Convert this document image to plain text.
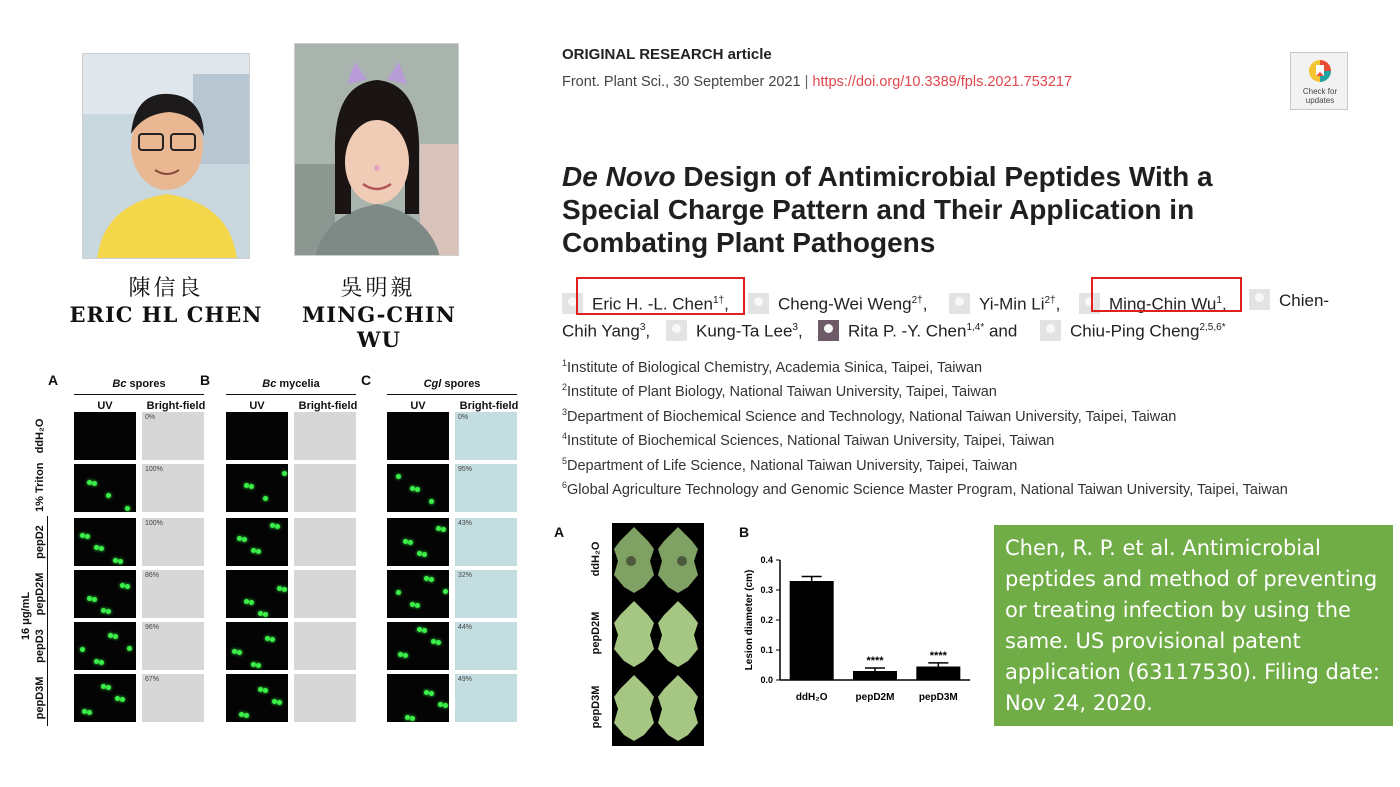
陳信良	吳明親
ERIC HL CHEN	MING-CHIN WU
ORIGINAL RESEARCH article
Front. Plant Sci., 30 September 2021 | https://doi.org/10.3389/fpls.2021.753217
Check for updates
De Novo Design of Antimicrobial Peptides With a Special Charge Pattern and Their Application in Combating Plant Pathogens
Eric H. -L. Chen$^{1\dagger}$,	Cheng-Wei Weng$^{2\dagger}$,	Yi-Min $Li^{2\dagger}$,	Ming-Chin Wu$^1$,	Chien-
Chih Yang$^3$,	Kung-Ta Lee$^3$,	Rita P. -Y. Chen$^{1,4*}$ and	Chiu-Ping Cheng$^{2,5,6*}$
$^1$Institute of Biological Chemistry, Academia Sinica, Taipei, Taiwan
$^2$Institute of Plant Biology, National Taiwan University, Taipei, Taiwan
$^3$Department of Biochemical Science and Technology, National Taiwan University, Taipei, Taiwan
$^4$Institute of Biochemical Sciences, National Taiwan University, Taipei, Taiwan
$^5$Department of Life Science, National Taiwan University, Taipei, Taiwan
$^6$Global Agriculture Technology and Genomic Science Master Program, National Taiwan University, Taipei, Taiwan
A	Bc spores
UV	Bright-field
0%
100%
100%
86%
96%
67%
B	Bc mycelia
UV	Bright-field
C	Cgl spores
UV	Bright-field
0%
95%
43%
32%
44%
49%
ddH₂O
1% Triton
pepD2
pepD2M
pepD3
pepD3M
16 μg/mL
A
ddH₂O
pepD2M
pepD3M
B
0.0
0.1
0.2
0.3
0.4
Lesion diameter (cm)
ddH₂O
****
pepD2M
****
pepD3M
Chen, R. P. et al. Antimicrobial peptides and method of preventing or treating infection by using the same. US provisional patent application (63117530). Filing date: Nov 24, 2020.
